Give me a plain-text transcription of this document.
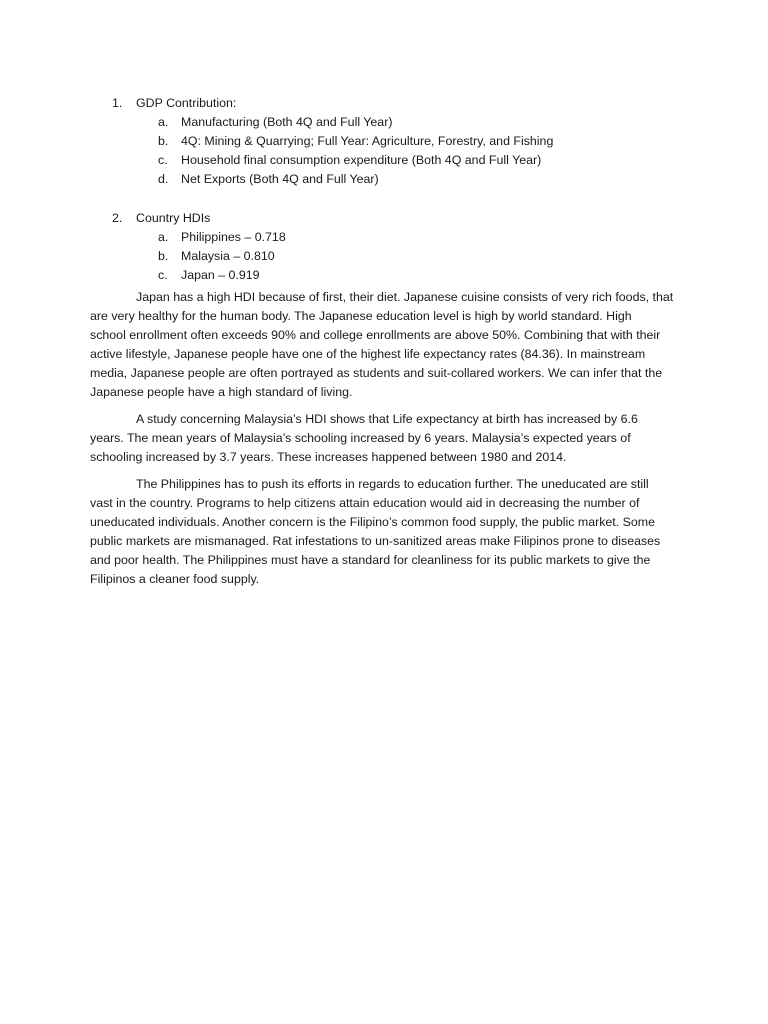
1. GDP Contribution:
a. Manufacturing (Both 4Q and Full Year)
b. 4Q: Mining & Quarrying; Full Year: Agriculture, Forestry, and Fishing
c. Household final consumption expenditure (Both 4Q and Full Year)
d. Net Exports (Both 4Q and Full Year)
2. Country HDIs
a. Philippines – 0.718
b. Malaysia – 0.810
c. Japan – 0.919

Japan has a high HDI because of first, their diet. Japanese cuisine consists of very rich foods, that
are very healthy for the human body. The Japanese education level is high by world standard. High
school enrollment often exceeds 90% and college enrollments are above 50%. Combining that with their
active lifestyle, Japanese people have one of the highest life expectancy rates (84.36). In mainstream
media, Japanese people are often portrayed as students and suit-collared workers. We can infer that the
Japanese people have a high standard of living.

A study concerning Malaysia’s HDI shows that Life expectancy at birth has increased by 6.6
years. The mean years of Malaysia’s schooling increased by 6 years. Malaysia’s expected years of
schooling increased by 3.7 years. These increases happened between 1980 and 2014.

The Philippines has to push its efforts in regards to education further. The uneducated are still
vast in the country. Programs to help citizens attain education would aid in decreasing the number of
uneducated individuals. Another concern is the Filipino’s common food supply, the public market. Some
public markets are mismanaged. Rat infestations to un-sanitized areas make Filipinos prone to diseases
and poor health. The Philippines must have a standard for cleanliness for its public markets to give the
Filipinos a cleaner food supply.
